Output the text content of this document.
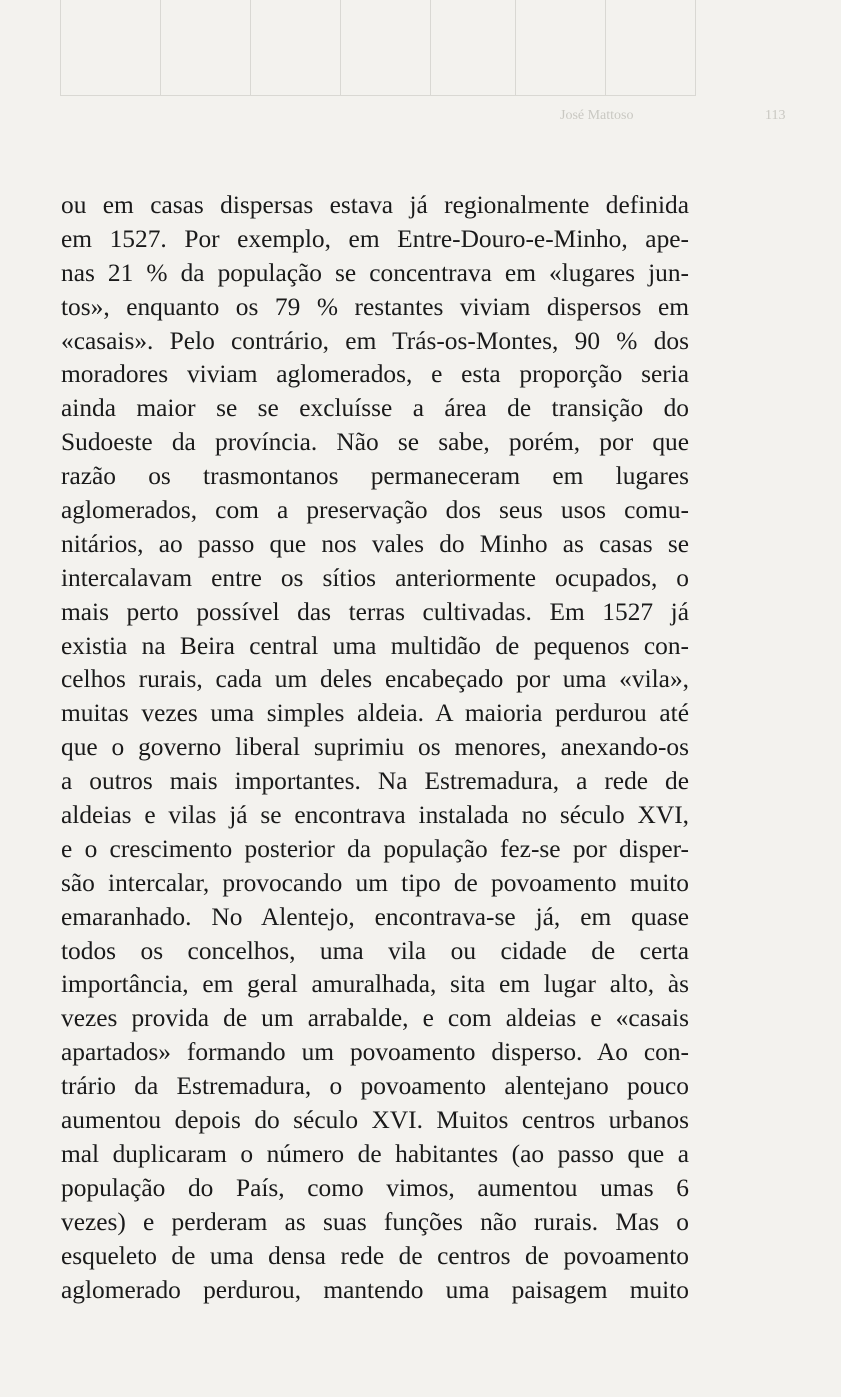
José Mattoso	113
ou em casas dispersas estava já regionalmente definida
em 1527. Por exemplo, em Entre-Douro-e-Minho, ape-
nas 21 % da população se concentrava em «lugares jun-
tos», enquanto os 79 % restantes viviam dispersos em
«casais». Pelo contrário, em Trás-os-Montes, 90 % dos
moradores viviam aglomerados, e esta proporção seria
ainda maior se se excluísse a área de transição do
Sudoeste da província. Não se sabe, porém, por que
razão os trasmontanos permaneceram em lugares
aglomerados, com a preservação dos seus usos comu-
nitários, ao passo que nos vales do Minho as casas se
intercalavam entre os sítios anteriormente ocupados, o
mais perto possível das terras cultivadas. Em 1527 já
existia na Beira central uma multidão de pequenos con-
celhos rurais, cada um deles encabeçado por uma «vila»,
muitas vezes uma simples aldeia. A maioria perdurou até
que o governo liberal suprimiu os menores, anexando-os
a outros mais importantes. Na Estremadura, a rede de
aldeias e vilas já se encontrava instalada no século XVI,
e o crescimento posterior da população fez-se por disper-
são intercalar, provocando um tipo de povoamento muito
emaranhado. No Alentejo, encontrava-se já, em quase
todos os concelhos, uma vila ou cidade de certa
importância, em geral amuralhada, sita em lugar alto, às
vezes provida de um arrabalde, e com aldeias e «casais
apartados» formando um povoamento disperso. Ao con-
trário da Estremadura, o povoamento alentejano pouco
aumentou depois do século XVI. Muitos centros urbanos
mal duplicaram o número de habitantes (ao passo que a
população do País, como vimos, aumentou umas 6
vezes) e perderam as suas funções não rurais. Mas o
esqueleto de uma densa rede de centros de povoamento
aglomerado perdurou, mantendo uma paisagem muito
